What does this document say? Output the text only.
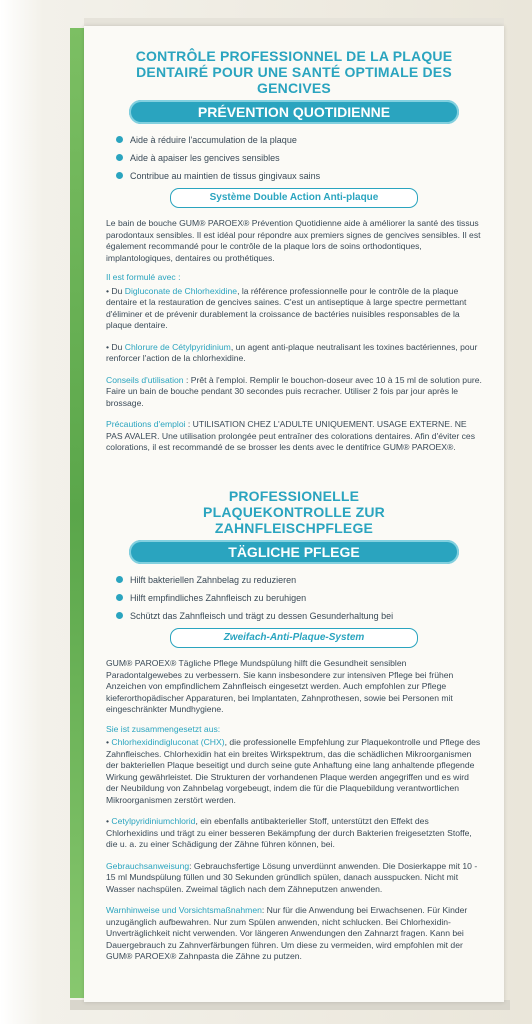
CONTRÔLE PROFESSIONNEL DE LA PLAQUE DENTAIRÉ POUR UNE SANTÉ OPTIMALE DES GENCIVES

PRÉVENTION QUOTIDIENNE
Aide à réduire l'accumulation de la plaque
Aide à apaiser les gencives sensibles
Contribue au maintien de tissus gingivaux sains
Système Double Action Anti-plaque

Le bain de bouche GUM® PAROEX® Prévention Quotidienne aide à améliorer la santé des tissus parodontaux sensibles. Il est idéal pour répondre aux premiers signes de gencives sensibles. Il est également recommandé pour le contrôle de la plaque lors de soins orthodontiques, implantologiques, dentaires ou prothétiques.

Il est formulé avec :

• Du Digluconate de Chlorhexidine, la référence professionnelle pour le contrôle de la plaque dentaire et la restauration de gencives saines. C'est un antiseptique à large spectre permettant d'éliminer et de prévenir durablement la croissance de bactéries nuisibles responsables de la plaque dentaire.

• Du Chlorure de Cétylpyridinium, un agent anti-plaque neutralisant les toxines bactériennes, pour renforcer l'action de la chlorhexidine.

Conseils d'utilisation : Prêt à l'emploi. Remplir le bouchon-doseur avec 10 à 15 ml de solution pure. Faire un bain de bouche pendant 30 secondes puis recracher. Utiliser 2 fois par jour après le brossage.

Précautions d'emploi : UTILISATION CHEZ L'ADULTE UNIQUEMENT. USAGE EXTERNE. NE PAS AVALER. Une utilisation prolongée peut entraîner des colorations dentaires. Afin d'éviter ces colorations, il est recommandé de se brosser les dents avec le dentifrice GUM® PAROEX®.

PROFESSIONELLE PLAQUEKONTROLLE ZUR ZAHNFLEISCHPFLEGE

TÄGLICHE PFLEGE
Hilft bakteriellen Zahnbelag zu reduzieren
Hilft empfindliches Zahnfleisch zu beruhigen
Schützt das Zahnfleisch und trägt zu dessen Gesunderhaltung bei
Zweifach-Anti-Plaque-System

GUM® PAROEX® Tägliche Pflege Mundspülung hilft die Gesundheit sensiblen Paradontalgewebes zu verbessern. Sie kann insbesondere zur intensiven Pflege bei frühen Anzeichen von empfindlichem Zahnfleisch eingesetzt werden. Auch empfohlen zur Pflege kieferorthopädischer Apparaturen, bei Implantaten, Zahnprothesen, sowie bei Personen mit eingeschränkter Mundhygiene.

Sie ist zusammengesetzt aus:

• Chlorhexidindigluconat (CHX), die professionelle Empfehlung zur Plaquekontrolle und Pflege des Zahnfleisches. Chlorhexidin hat ein breites Wirkspektrum, das die schädlichen Mikroorganismen der bakteriellen Plaque beseitigt und durch seine gute Anhaftung eine lang anhaltende pflegende Wirkung gewährleistet. Die Strukturen der vorhandenen Plaque werden angegriffen und es wird der Neubildung von Zahnbelag vorgebeugt, indem die für die Plaquebildung verantwortlichen Mikroorganismen zerstört werden.

• Cetylpyridiniumchlorid, ein ebenfalls antibakterieller Stoff, unterstützt den Effekt des Chlorhexidins und trägt zu einer besseren Bekämpfung der durch Bakterien freigesetzten Stoffe, die u. a. zu einer Schädigung der Zähne führen können, bei.

Gebrauchsanweisung: Gebrauchsfertige Lösung unverdünnt anwenden. Die Dosierkappe mit 10 - 15 ml Mundspülung füllen und 30 Sekunden gründlich spülen, danach ausspucken. Nicht mit Wasser nachspülen. Zweimal täglich nach dem Zähneputzen anwenden.

Warnhinweise und Vorsichtsmaßnahmen: Nur für die Anwendung bei Erwachsenen. Für Kinder unzugänglich aufbewahren. Nur zum Spülen anwenden, nicht schlucken. Bei Chlorhexidin-Unverträglichkeit nicht verwenden. Vor längeren Anwendungen den Zahnarzt fragen. Kann bei Dauergebrauch zu Zahnverfärbungen führen. Um diese zu vermeiden, wird empfohlen mit der GUM® PAROEX® Zahnpasta die Zähne zu putzen.
